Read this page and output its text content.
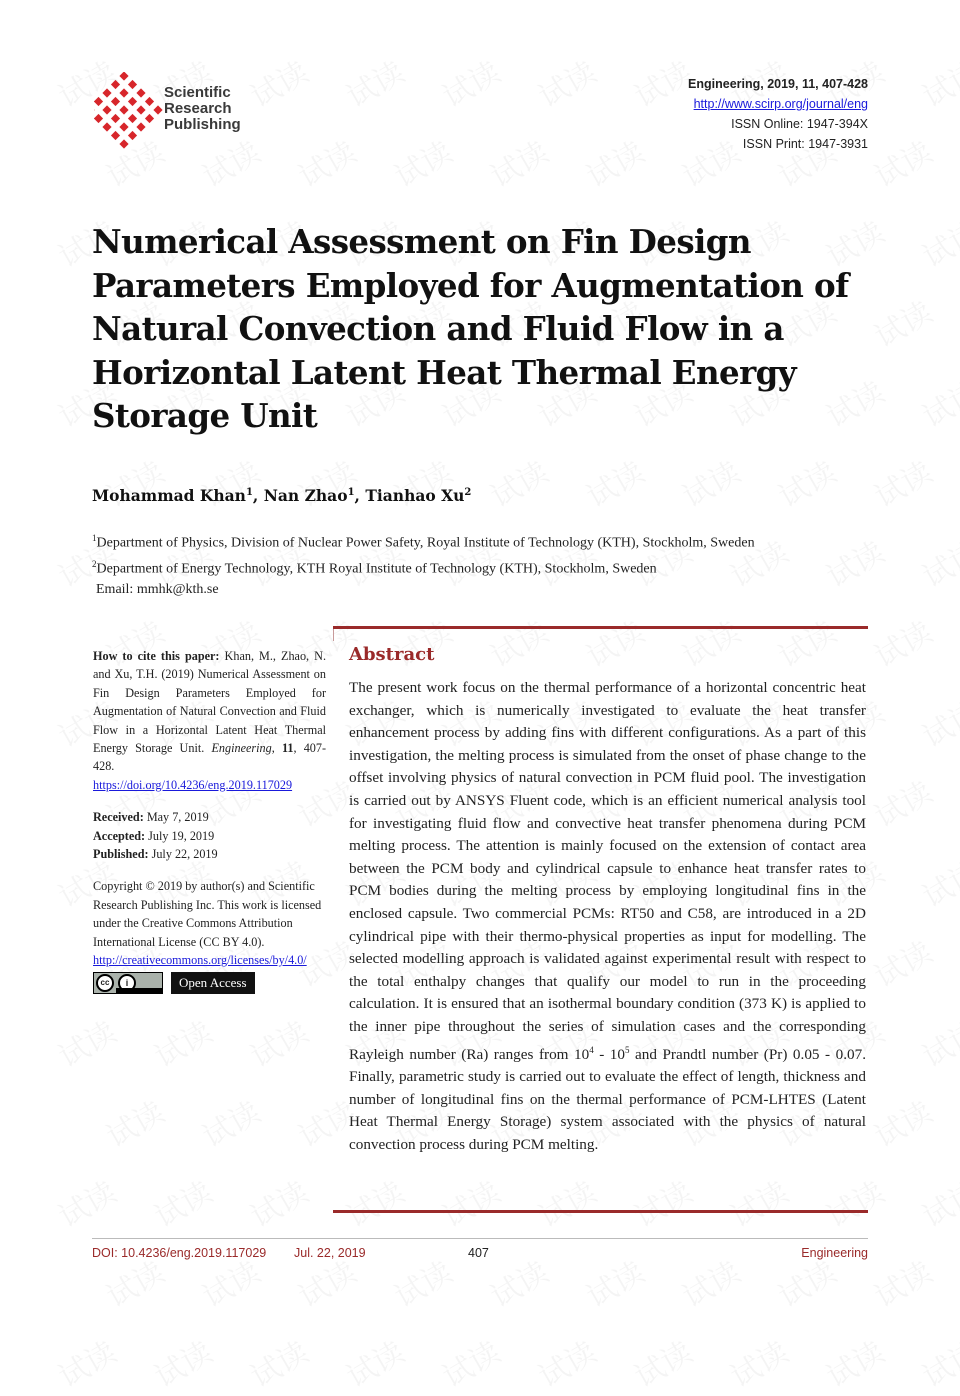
Scientific
Research
Publishing
Engineering, 2019, 11, 407-428
http://www.scirp.org/journal/eng
ISSN Online: 1947-394X
ISSN Print: 1947-3931
Numerical Assessment on Fin Design Parameters Employed for Augmentation of Natural Convection and Fluid Flow in a Horizontal Latent Heat Thermal Energy Storage Unit
Mohammad Khan$^1$, Nan Zhao$^1$, Tianhao Xu$^2$
$^1$Department of Physics, Division of Nuclear Power Safety, Royal Institute of Technology (KTH), Stockholm, Sweden
$^2$Department of Energy Technology, KTH Royal Institute of Technology (KTH), Stockholm, Sweden
Email: mmhk@kth.se
How to cite this paper: Khan, M., Zhao, N. and Xu, T.H. (2019) Numerical Assessment on Fin Design Parameters Employed for Augmentation of Natural Convection and Fluid Flow in a Horizontal Latent Heat Thermal Energy Storage Unit. Engineering, 11, 407-428.
https://doi.org/10.4236/eng.2019.117029
Received: May 7, 2019
Accepted: July 19, 2019
Published: July 22, 2019
Copyright © 2019 by author(s) and Scientific Research Publishing Inc. This work is licensed under the Creative Commons Attribution International License (CC BY 4.0).
http://creativecommons.org/licenses/by/4.0/
cc	i	Open Access
Abstract
The present work focus on the thermal performance of a horizontal concentric heat exchanger, which is numerically investigated to evaluate the heat transfer enhancement process by adding fins with different configurations. As a part of this investigation, the melting process is simulated from the onset of phase change to the offset involving physics of natural convection in PCM fluid pool. The investigation is carried out by ANSYS Fluent code, which is an efficient numerical analysis tool for investigating fluid flow and convective heat transfer phenomena during PCM melting process. The attention is mainly focused on the extension of contact area between the PCM body and cylindrical capsule to enhance heat transfer rates to PCM bodies during the melting process by employing longitudinal fins in the enclosed capsule. Two commercial PCMs: RT50 and C58, are introduced in a 2D cylindrical pipe with their thermo-physical properties as input for modelling. The selected modelling approach is validated against experimental result with respect to the total enthalpy changes that qualify our model to run in the proceeding calculation. It is ensured that an isothermal boundary condition (373 K) is applied to the inner pipe throughout the series of simulation cases and the corresponding Rayleigh number (Ra) ranges from $10^4 - 10^5$ and Prandtl number (Pr) 0.05 - 0.07. Finally, parametric study is carried out to evaluate the effect of length, thickness and number of longitudinal fins on the thermal performance of PCM-LHTES (Latent Heat Thermal Energy Storage) system associated with the physics of natural convection process during PCM melting.
DOI: 10.4236/eng.2019.117029 Jul. 22, 2019	407	Engineering
